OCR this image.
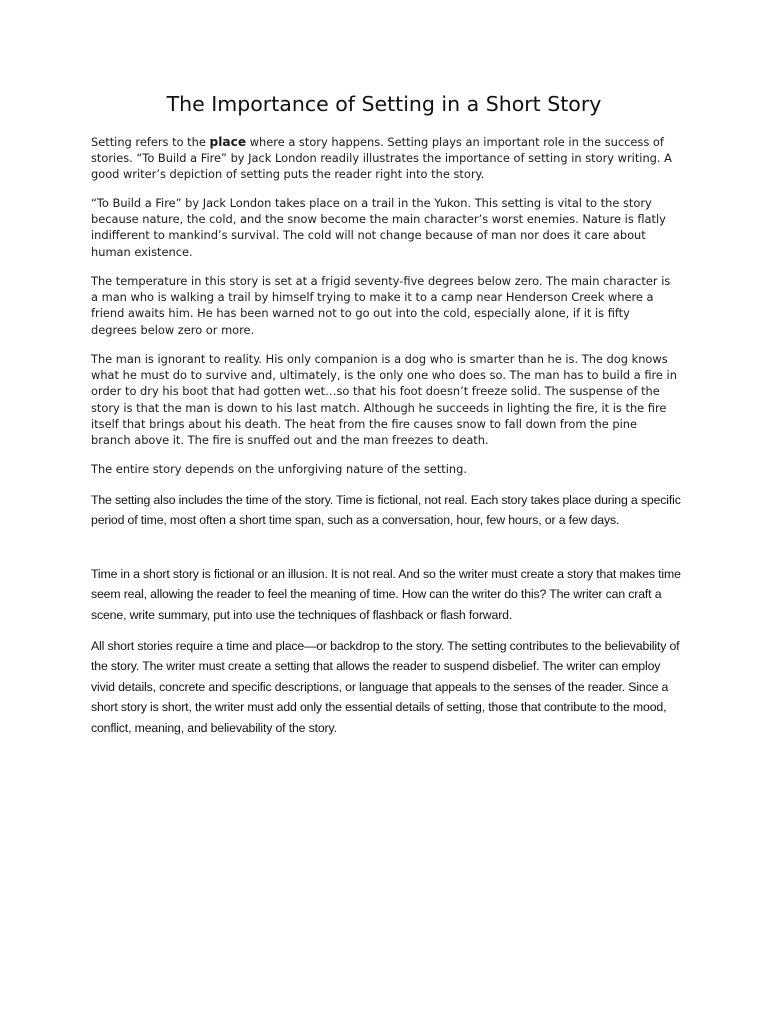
The Importance of Setting in a Short Story

Setting refers to the place where a story happens. Setting plays an important role in the success of stories. “To Build a Fire” by Jack London readily illustrates the importance of setting in story writing. A good writer’s depiction of setting puts the reader right into the story.

“To Build a Fire” by Jack London takes place on a trail in the Yukon. This setting is vital to the story because nature, the cold, and the snow become the main character’s worst enemies. Nature is flatly indifferent to mankind’s survival. The cold will not change because of man nor does it care about human existence.

The temperature in this story is set at a frigid seventy-five degrees below zero. The main character is a man who is walking a trail by himself trying to make it to a camp near Henderson Creek where a friend awaits him. He has been warned not to go out into the cold, especially alone, if it is fifty degrees below zero or more.

The man is ignorant to reality. His only companion is a dog who is smarter than he is. The dog knows what he must do to survive and, ultimately, is the only one who does so. The man has to build a fire in order to dry his boot that had gotten wet…so that his foot doesn’t freeze solid. The suspense of the story is that the man is down to his last match. Although he succeeds in lighting the fire, it is the fire itself that brings about his death. The heat from the fire causes snow to fall down from the pine branch above it. The fire is snuffed out and the man freezes to death.

The entire story depends on the unforgiving nature of the setting.

The setting also includes the time of the story. Time is fictional, not real. Each story takes place during a specific period of time, most often a short time span, such as a conversation, hour, few hours, or a few days.

Time in a short story is fictional or an illusion. It is not real. And so the writer must create a story that makes time seem real, allowing the reader to feel the meaning of time. How can the writer do this? The writer can craft a scene, write summary, put into use the techniques of flashback or flash forward.

All short stories require a time and place—or backdrop to the story. The setting contributes to the believability of the story. The writer must create a setting that allows the reader to suspend disbelief. The writer can employ vivid details, concrete and specific descriptions, or language that appeals to the senses of the reader. Since a short story is short, the writer must add only the essential details of setting, those that contribute to the mood, conflict, meaning, and believability of the story.
